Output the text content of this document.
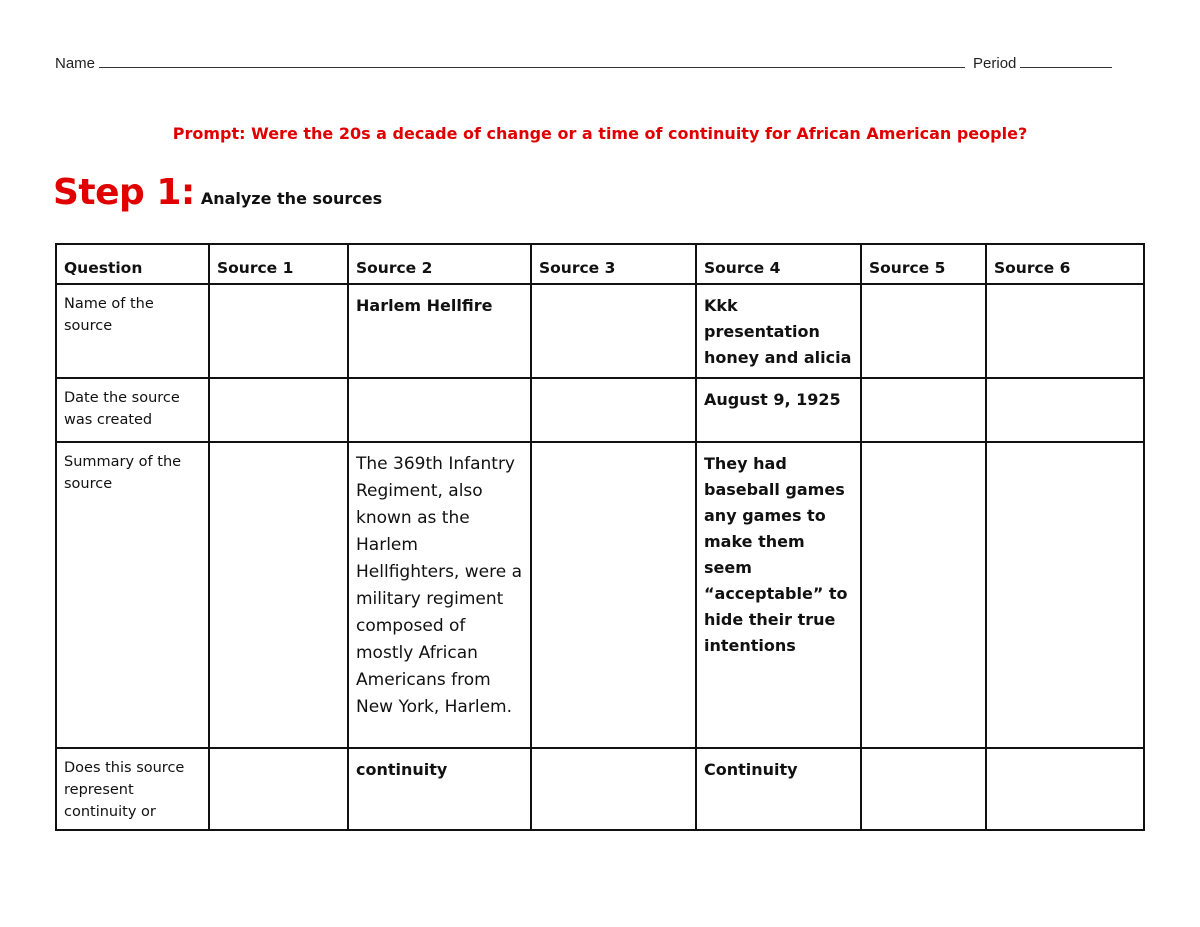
Name	Period
Prompt: Were the 20s a decade of change or a time of continuity for African American people?
Step 1: Analyze the sources
Question	Source 1	Source 2	Source 3	Source 4	Source 5	Source 6
Name of the source		Harlem Hellfire		Kkk presentation honey and alicia		
Date the source was created				August 9, 1925		
Summary of the source		The 369th Infantry Regiment, also known as the Harlem Hellfighters, were a military regiment composed of mostly African Americans from New York, Harlem.		They had baseball games any games to make them seem “acceptable” to hide their true intentions		
Does this source represent continuity or		continuity		Continuity		
